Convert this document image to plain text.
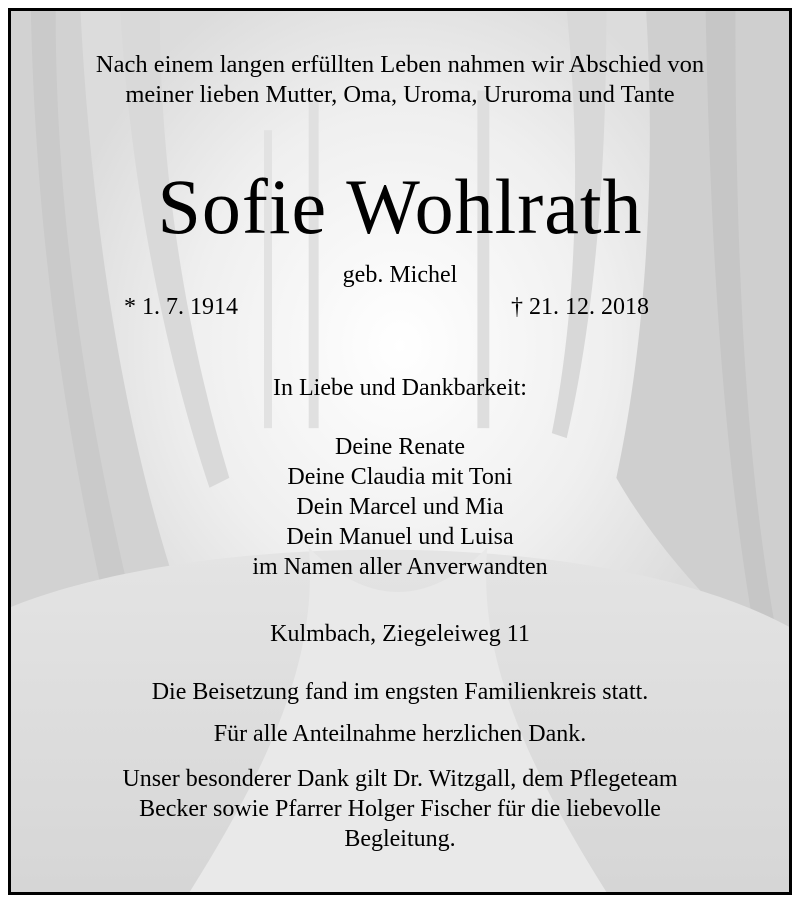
Nach einem langen erfüllten Leben nahmen wir Abschied von
meiner lieben Mutter, Oma, Uroma, Ururoma und Tante
Sofie Wohlrath
geb. Michel
* 1. 7. 1914	† 21. 12. 2018
In Liebe und Dankbarkeit:
Deine Renate
Deine Claudia mit Toni
Dein Marcel und Mia
Dein Manuel und Luisa
im Namen aller Anverwandten
Kulmbach, Ziegeleiweg 11
Die Beisetzung fand im engsten Familienkreis statt.
Für alle Anteilnahme herzlichen Dank.
Unser besonderer Dank gilt Dr. Witzgall, dem Pflegeteam
Becker sowie Pfarrer Holger Fischer für die liebevolle
Begleitung.
